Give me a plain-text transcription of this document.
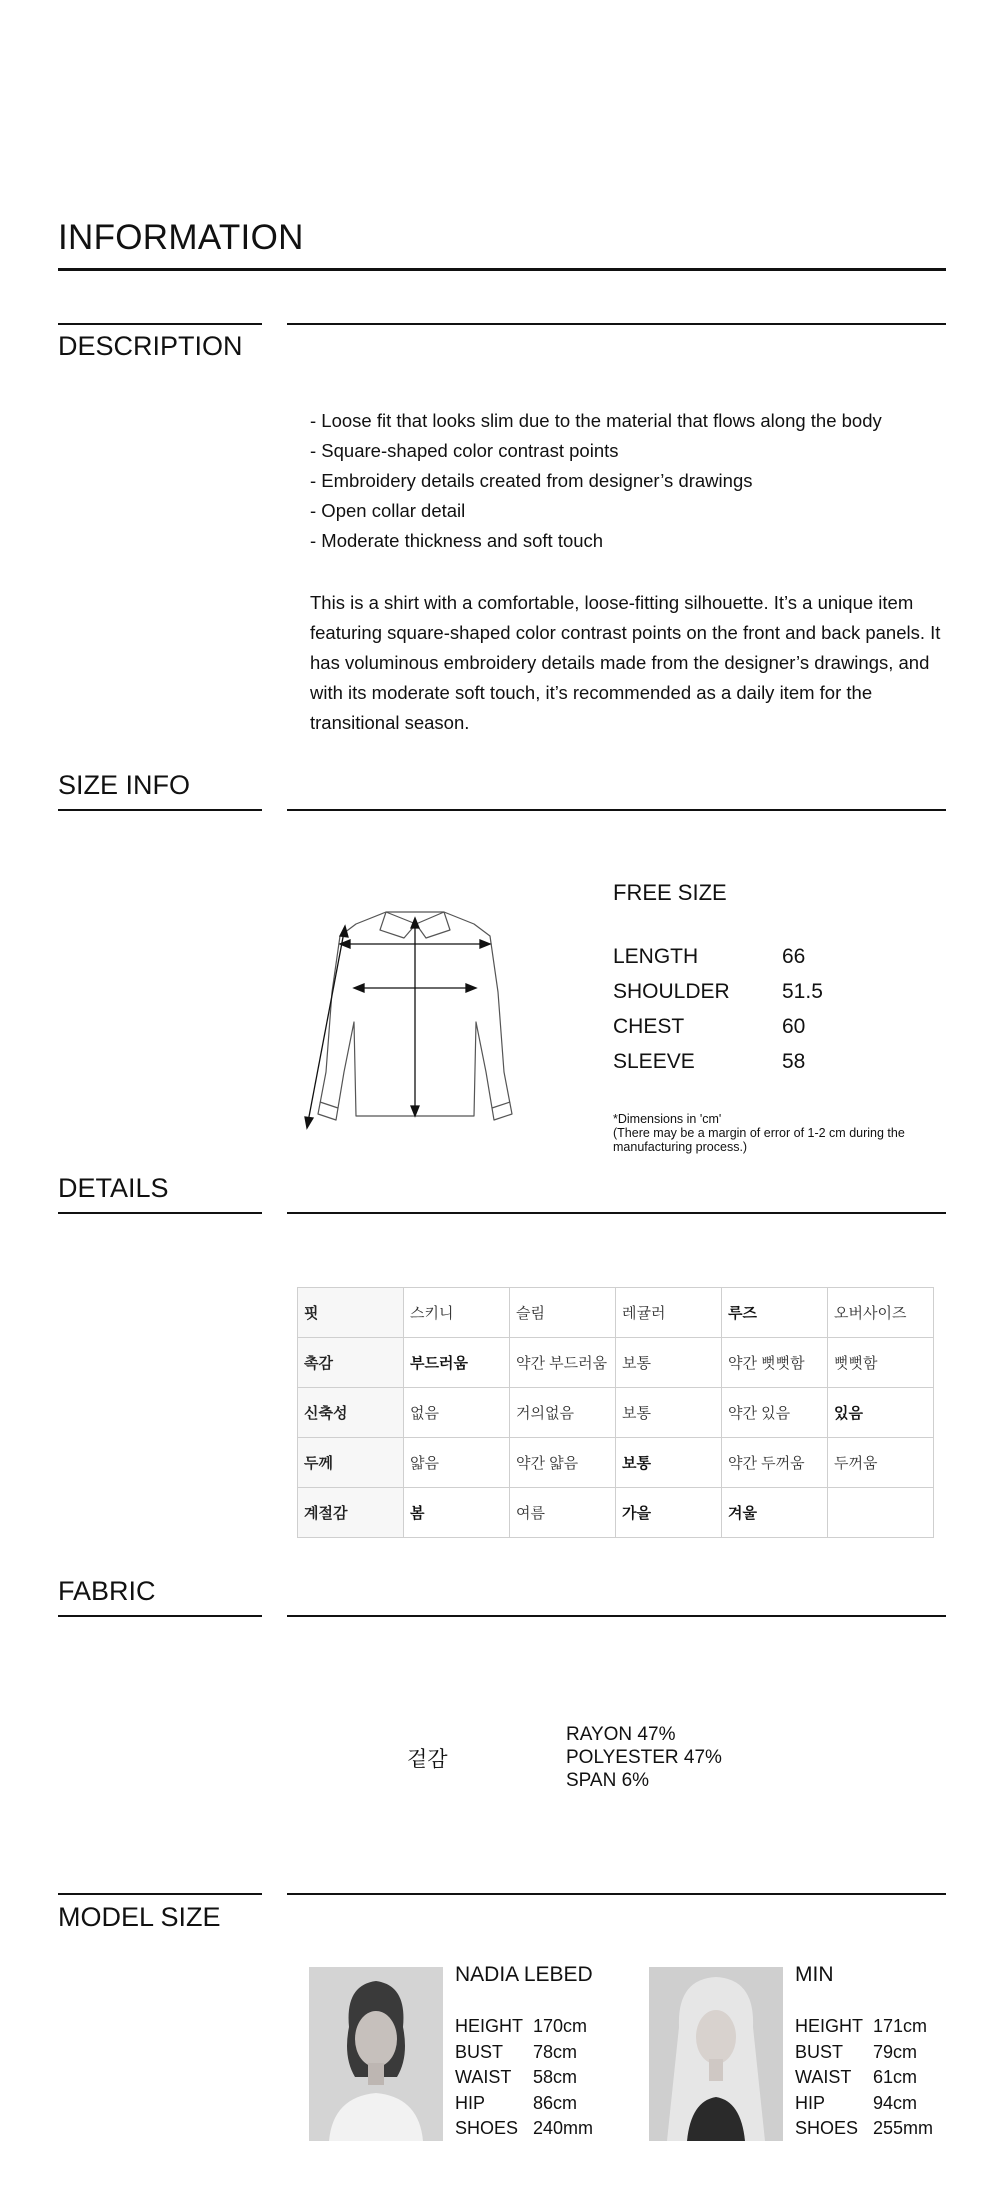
INFORMATION
DESCRIPTION
- Loose fit that looks slim due to the material that flows along the body
- Square-shaped color contrast points
- Embroidery details created from designer’s drawings
- Open collar detail
- Moderate thickness and soft touch

This is a shirt with a comfortable, loose-fitting silhouette. It’s a unique item featuring square-shaped color contrast points on the front and back panels. It has voluminous embroidery details made from the designer’s drawings, and with its moderate soft touch, it’s recommended as a daily item for the transitional season.

SIZE INFO
FREE SIZE
LENGTH	66
SHOULDER 51.5
CHEST	60
SLEEVE	58
*Dimensions in 'cm'
(There may be a margin of error of 1-2 cm during the manufacturing process.)
DETAILS
핏	스키니	슬림	레귤러	루즈	오버사이즈
촉감	부드러움	약간 부드러움	보통	약간 뻣뻣함	뻣뻣함
신축성	없음	거의없음	보통	약간 있음	있음
두께	얇음	약간 얇음	보통	약간 두꺼움	두꺼움
계절감	봄	여름	가을	겨울	
FABRIC
겉감
RAYON 47%
POLYESTER 47%
SPAN 6%
MODEL SIZE
NADIA LEBED
HEIGHT 170cm
BUST 78cm
WAIST 58cm
HIP	86cm
SHOES 240mm
MIN
HEIGHT 171cm
BUST 79cm
WAIST 61cm
HIP	94cm
SHOES 255mm
